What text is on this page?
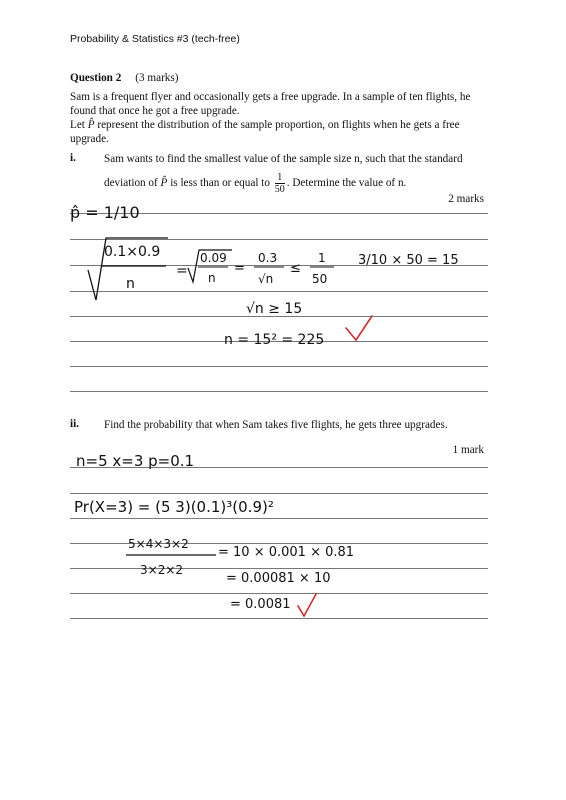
Probability & Statistics #3 (tech-free)
Question 2 (3 marks)
Sam is a frequent flyer and occasionally gets a free upgrade. In a sample of ten flights, he found that once he got a free upgrade.
Let P̂ represent the distribution of the sample proportion, on flights when he gets a free upgrade.
i.	Sam wants to find the smallest value of the sample size n, such that the standard
deviation of P̂ is less than or equal to $\frac{1}{50}$ . Determine the value of n.
2 marks
ii. Find the probability that when Sam takes five flights, he gets three upgrades.
1 mark
p̂ = 1/10
0.1×0.9
n
=
0.09
n
=
0.3
√n
≤
1
50
3/10 × 50 = 15
√n ≥ 15
n = 15² = 225
n=5 x=3 p=0.1
Pr(X=3) = (5 3)(0.1)³(0.9)²
5×4×3×2
3×2×2
= 10 × 0.001 × 0.81
= 0.00081 × 10
= 0.0081
